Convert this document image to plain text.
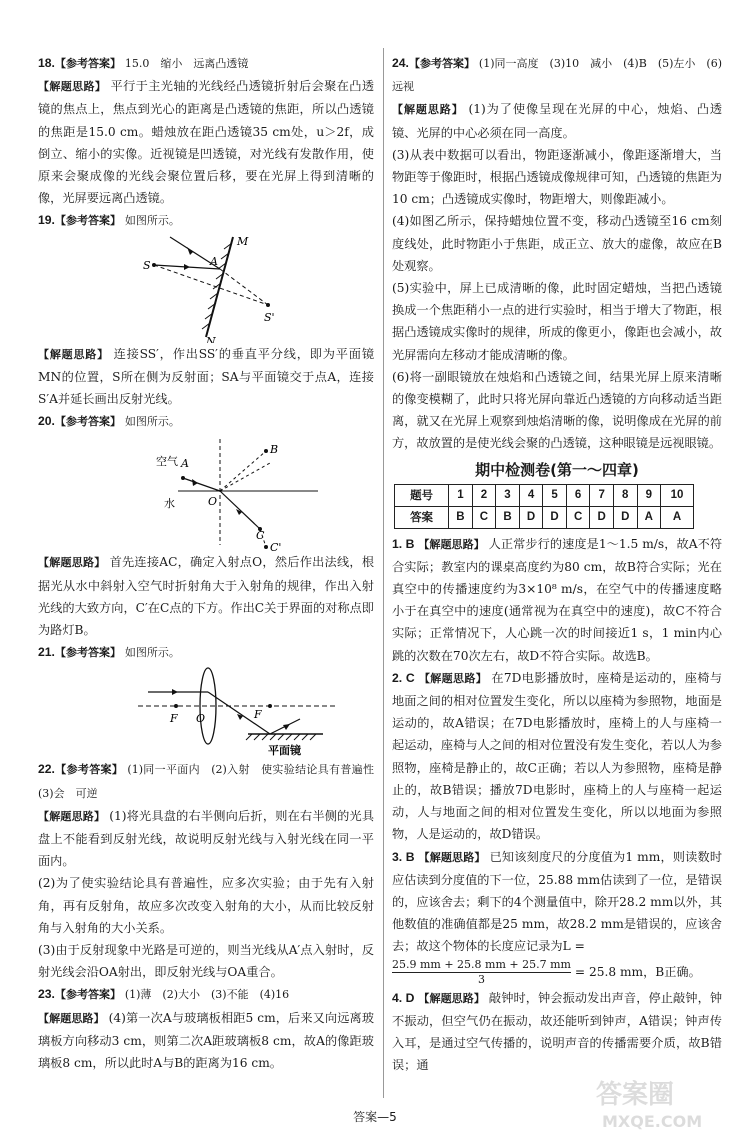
18.【参考答案】 15.0　缩小　远离凸透镜

【解题思路】 平行于主光轴的光线经凸透镜折射后会聚在凸透镜的焦点上，焦点到光心的距离是凸透镜的焦距，所以凸透镜的焦距是15.0 cm。蜡烛放在距凸透镜35 cm处，u＞2f，成倒立、缩小的实像。近视镜是凹透镜，对光线有发散作用，使原来会聚成像的光线会聚位置后移，要在光屏上得到清晰的像，光屏要远离凸透镜。

19.【参考答案】 如图所示。

M
N
S	A
S'

【解题思路】 连接SS′，作出SS′的垂直平分线，即为平面镜MN的位置，S所在侧为反射面；SA与平面镜交于点A，连接S′A并延长画出反射光线。

20.【参考答案】 如图所示。

空气 A
水	O
B
C
C'

【解题思路】 首先连接AC，确定入射点O，然后作出法线，根据光从水中斜射入空气时折射角大于入射角的规律，作出入射光线的大致方向，C′在C点的下方。作出C关于界面的对称点即为路灯B。

21.【参考答案】 如图所示。

F O	F
平面镜

22.【参考答案】 (1)同一平面内　(2)入射　使实验结论具有普遍性　(3)会　可逆

【解题思路】 (1)将光具盘的右半侧向后折，则在右半侧的光具盘上不能看到反射光线，故说明反射光线与入射光线在同一平面内。

(2)为了使实验结论具有普遍性，应多次实验；由于先有入射角，再有反射角，故应多次改变入射角的大小，从而比较反射角与入射角的大小关系。

(3)由于反射现象中光路是可逆的，则当光线从A′点入射时，反射光线会沿OA射出，即反射光线与OA重合。

23.【参考答案】 (1)薄　(2)大小　(3)不能　(4)16

【解题思路】 (4)第一次A与玻璃板相距5 cm，后来又向远离玻璃板方向移动3 cm，则第二次A距玻璃板8 cm，故A的像距玻璃板8 cm，所以此时A与B的距离为16 cm。

24.【参考答案】 (1)同一高度　(3)10　减小　(4)B　(5)左小　(6)远视

【解题思路】 (1)为了使像呈现在光屏的中心，烛焰、凸透镜、光屏的中心必须在同一高度。

(3)从表中数据可以看出，物距逐渐减小，像距逐渐增大，当物距等于像距时，根据凸透镜成像规律可知，凸透镜的焦距为10 cm；凸透镜成实像时，物距增大，则像距减小。

(4)如图乙所示，保持蜡烛位置不变，移动凸透镜至16 cm刻度线处，此时物距小于焦距，成正立、放大的虚像，故应在B处观察。

(5)实验中，屏上已成清晰的像，此时固定蜡烛，当把凸透镜换成一个焦距稍小一点的进行实验时，相当于增大了物距，根据凸透镜成实像时的规律，所成的像更小，像距也会减小，故光屏需向左移动才能成清晰的像。

(6)将一副眼镜放在烛焰和凸透镜之间，结果光屏上原来清晰的像变模糊了，此时只将光屏向靠近凸透镜的方向移动适当距离，就又在光屏上观察到烛焰清晰的像，说明像成在光屏的前方，故放置的是使光线会聚的凸透镜，这种眼镜是远视眼镜。

期中检测卷(第一～四章)
题号	1	2	3	4	5	6	7	8	9	10
答案	B	C	B	D	D	C	D	D	A	A

1. B 【解题思路】 人正常步行的速度是1～1.5 m/s，故A不符合实际；教室内的课桌高度约为80 cm，故B符合实际；光在真空中的传播速度约为3×10⁸ m/s，在空气中的传播速度略小于在真空中的速度(通常视为在真空中的速度)，故C不符合实际；正常情况下，人心跳一次的时间接近1 s，1 min内心跳的次数在70次左右，故D不符合实际。故选B。

2. C 【解题思路】 在7D电影播放时，座椅是运动的，座椅与地面之间的相对位置发生变化，所以以座椅为参照物，地面是运动的，故A错误；在7D电影播放时，座椅上的人与座椅一起运动，座椅与人之间的相对位置没有发生变化，若以人为参照物，座椅是静止的，故C正确；若以人为参照物，座椅是静止的，故B错误；播放7D电影时，座椅上的人与座椅一起运动，人与地面之间的相对位置发生变化，所以以地面为参照物，人是运动的，故D错误。

3. B 【解题思路】 已知该刻度尺的分度值为1 mm，则读数时应估读到分度值的下一位，25.88 mm估读到了一位，是错误的，应该舍去；剩下的4个测量值中，除开28.2 mm以外，其他数值的准确值都是25 mm，故28.2 mm是错误的，应该舍去；故这个物体的长度应记录为L =

$\frac{25.9 mm + 25.8 mm + 25.7 mm}{3} = 25.8$ mm，B正确。

4. D 【解题思路】 敲钟时，钟会振动发出声音，停止敲钟，钟不振动，但空气仍在振动，故还能听到钟声，A错误；钟声传入耳，是通过空气传播的，说明声音的传播需要介质，故B错误；通

答案—5
答案圈
MXQE.COM
